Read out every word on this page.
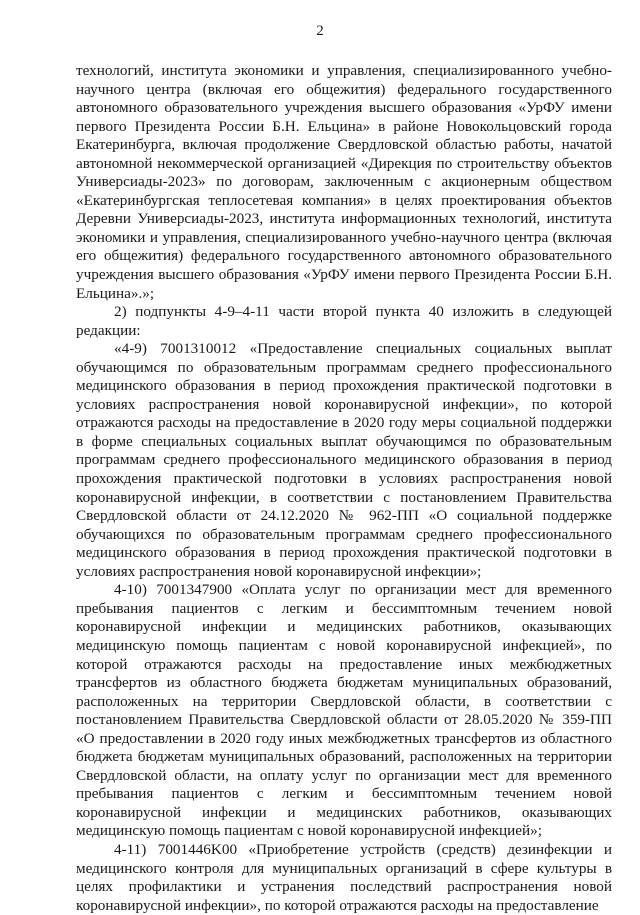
2

технологий, института экономики и управления, специализированного учебно-научного центра (включая его общежития) федерального государственного автономного образовательного учреждения высшего образования «УрФУ имени первого Президента России Б.Н. Ельцина» в районе Новокольцовский города Екатеринбурга, включая продолжение Свердловской областью работы, начатой автономной некоммерческой организацией «Дирекция по строительству объектов Универсиады-2023» по договорам, заключенным с акционерным обществом «Екатеринбургская теплосетевая компания» в целях проектирования объектов Деревни Универсиады-2023, института информационных технологий, института экономики и управления, специализированного учебно-научного центра (включая его общежития) федерального государственного автономного образовательного учреждения высшего образования «УрФУ имени первого Президента России Б.Н. Ельцина».»;

2) подпункты 4-9–4-11 части второй пункта 40 изложить в следующей редакции:

«4-9) 7001310012 «Предоставление специальных социальных выплат обучающимся по образовательным программам среднего профессионального медицинского образования в период прохождения практической подготовки в условиях распространения новой коронавирусной инфекции», по которой отражаются расходы на предоставление в 2020 году меры социальной поддержки в форме специальных социальных выплат обучающимся по образовательным программам среднего профессионального медицинского образования в период прохождения практической подготовки в условиях распространения новой коронавирусной инфекции, в соответствии с постановлением Правительства Свердловской области от 24.12.2020 № 962-ПП «О социальной поддержке обучающихся по образовательным программам среднего профессионального медицинского образования в период прохождения практической подготовки в условиях распространения новой коронавирусной инфекции»;

4-10) 7001347900 «Оплата услуг по организации мест для временного пребывания пациентов с легким и бессимптомным течением новой коронавирусной инфекции и медицинских работников, оказывающих медицинскую помощь пациентам с новой коронавирусной инфекцией», по которой отражаются расходы на предоставление иных межбюджетных трансфертов из областного бюджета бюджетам муниципальных образований, расположенных на территории Свердловской области, в соответствии с постановлением Правительства Свердловской области от 28.05.2020 № 359-ПП «О предоставлении в 2020 году иных межбюджетных трансфертов из областного бюджета бюджетам муниципальных образований, расположенных на территории Свердловской области, на оплату услуг по организации мест для временного пребывания пациентов с легким и бессимптомным течением новой коронавирусной инфекции и медицинских работников, оказывающих медицинскую помощь пациентам с новой коронавирусной инфекцией»;

4-11) 7001446K00 «Приобретение устройств (средств) дезинфекции и медицинского контроля для муниципальных организаций в сфере культуры в целях профилактики и устранения последствий распространения новой коронавирусной инфекции», по которой отражаются расходы на предоставление
